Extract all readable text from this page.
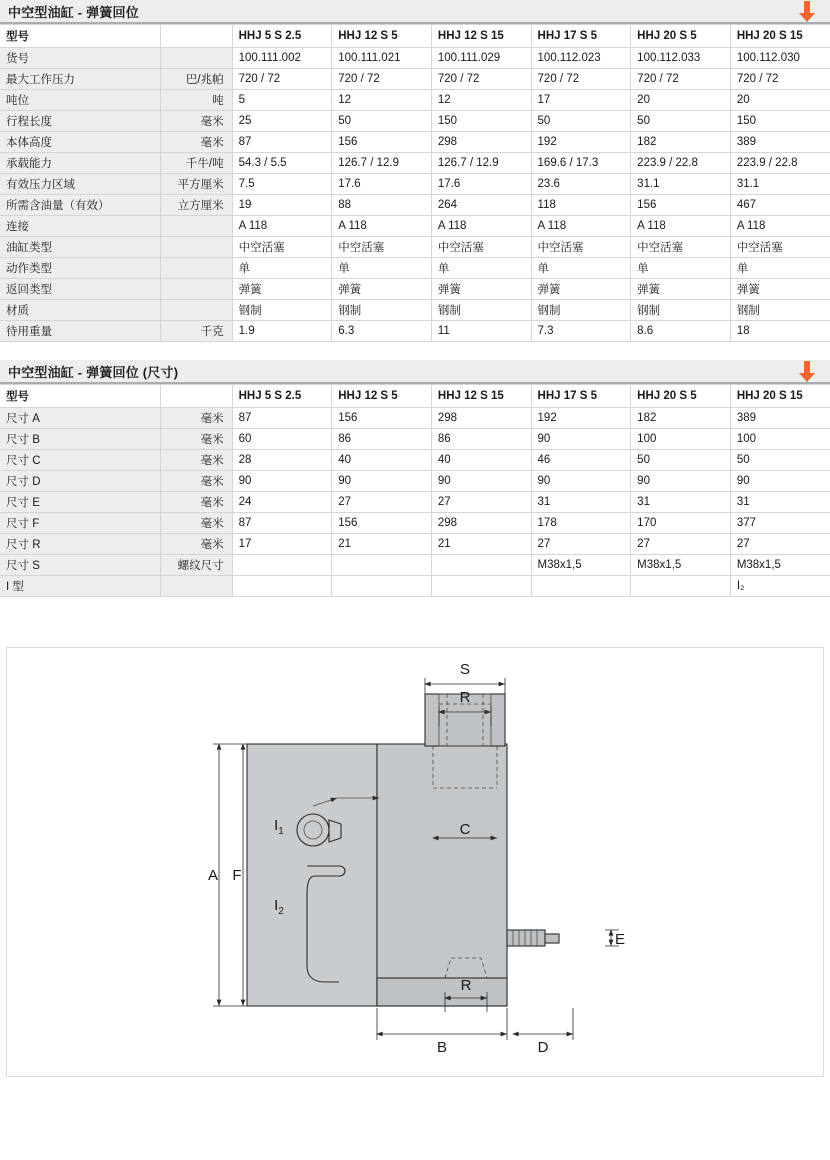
中空型油缸 - 弹簧回位
型号		HHJ 5 S 2.5	HHJ 12 S 5	HHJ 12 S 15	HHJ 17 S 5	HHJ 20 S 5	HHJ 20 S 15
货号		100.111.002	100.111.021	100.111.029	100.112.023	100.112.033	100.112.030
最大工作压力	巴/兆帕	720 / 72	720 / 72	720 / 72	720 / 72	720 / 72	720 / 72
吨位	吨	5	12	12	17	20	20
行程长度	毫米	25	50	150	50	50	150
本体高度	毫米	87	156	298	192	182	389
承载能力	千牛/吨	54.3 / 5.5	126.7 / 12.9	126.7 / 12.9	169.6 / 17.3	223.9 / 22.8	223.9 / 22.8
有效压力区域	平方厘米	7.5	17.6	17.6	23.6	31.1	31.1
所需含油量（有效）	立方厘米	19	88	264	118	156	467
连接		A 118	A 118	A 118	A 118	A 118	A 118
油缸类型		中空活塞	中空活塞	中空活塞	中空活塞	中空活塞	中空活塞
动作类型		单	单	单	单	单	单
返回类型		弹簧	弹簧	弹簧	弹簧	弹簧	弹簧
材质		钢制	钢制	钢制	钢制	钢制	钢制
待用重量	千克	1.9	6.3	11	7.3	8.6	18
中空型油缸 - 弹簧回位 (尺寸)
型号		HHJ 5 S 2.5	HHJ 12 S 5	HHJ 12 S 15	HHJ 17 S 5	HHJ 20 S 5	HHJ 20 S 15
尺寸 A	毫米	87	156	298	192	182	389
尺寸 B	毫米	60	86	86	90	100	100
尺寸 C	毫米	28	40	40	46	50	50
尺寸 D	毫米	90	90	90	90	90	90
尺寸 E	毫米	24	27	27	31	31	31
尺寸 F	毫米	87	156	298	178	170	377
尺寸 R	毫米	17	21	21	27	27	27
尺寸 S	螺纹尺寸				M38x1,5	M38x1,5	M38x1,5
I 型							I₂
A F
S
R
C
E
R
B	D
$I_1$
$I_2$
